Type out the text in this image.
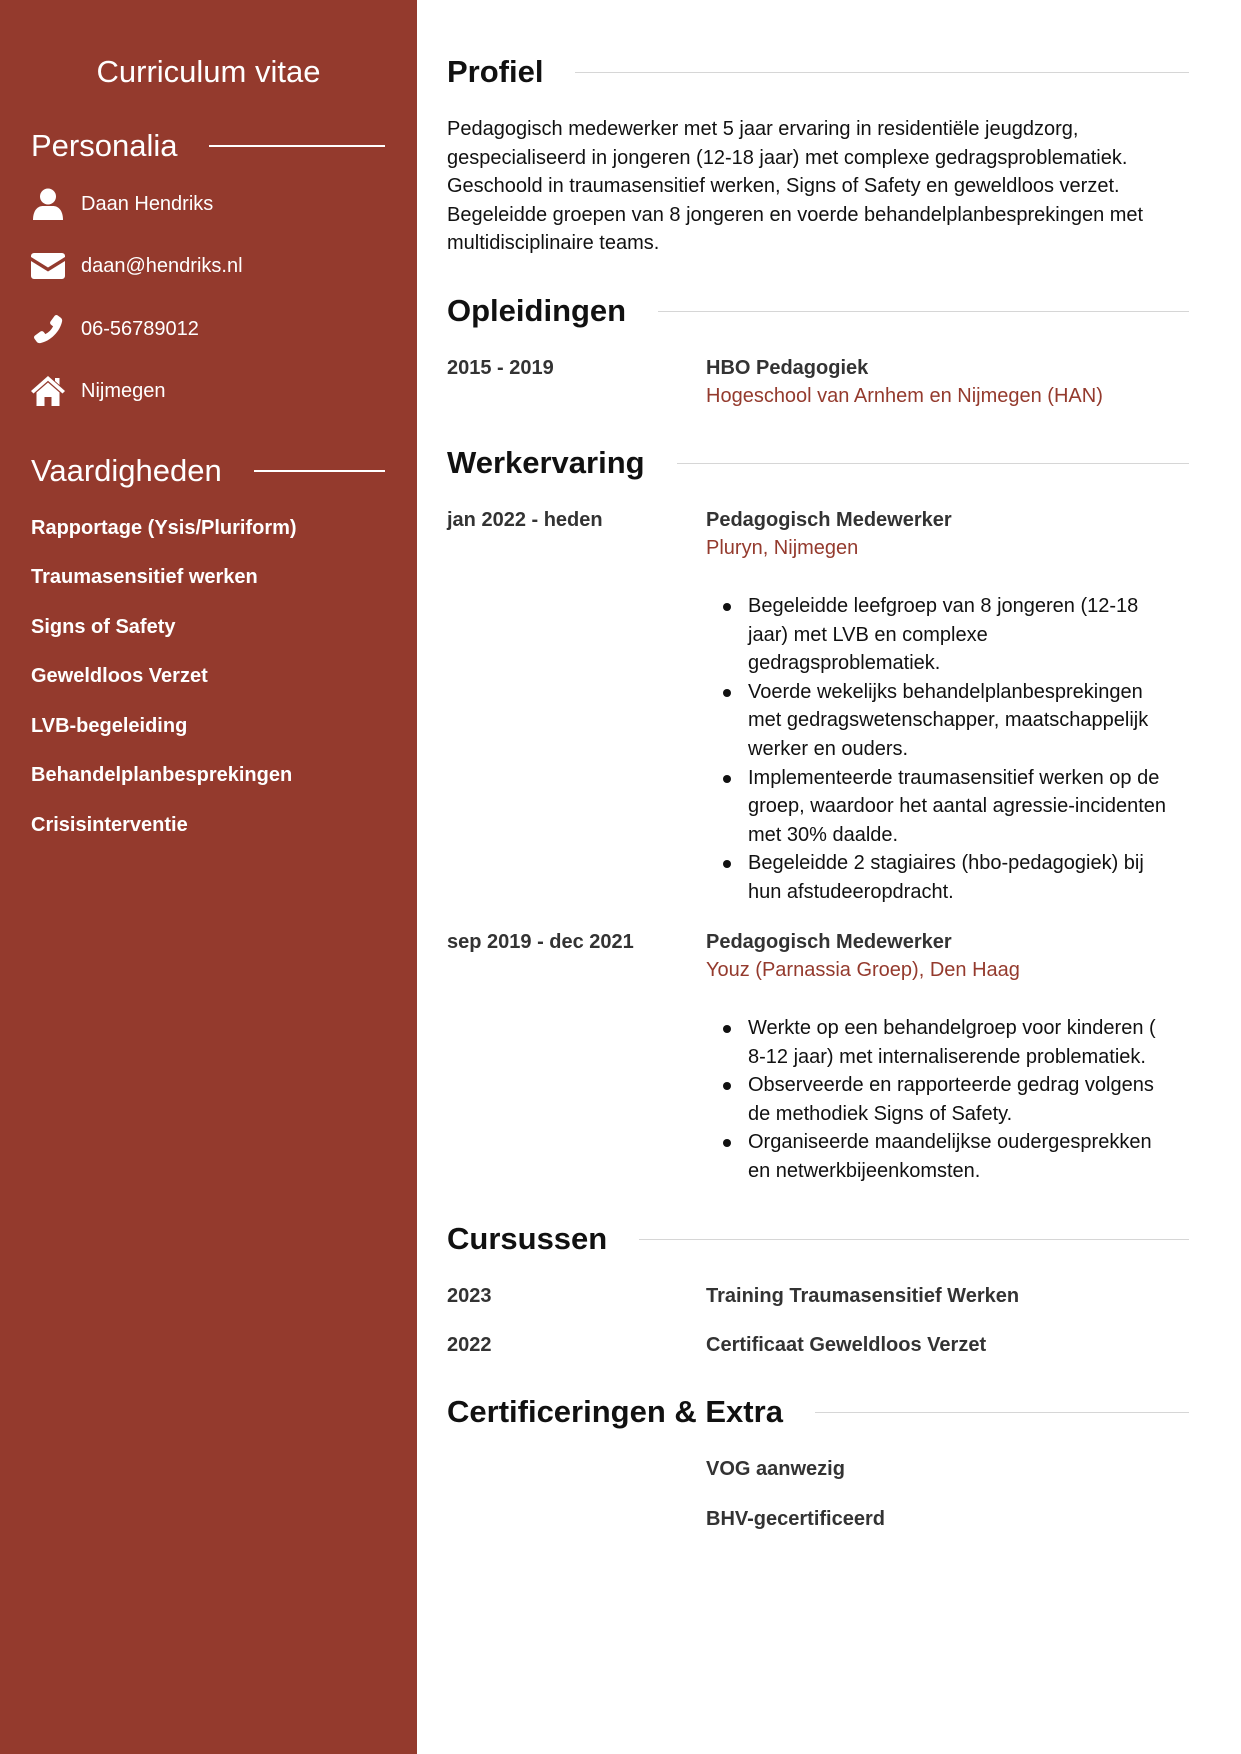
Curriculum vitae
Personalia
Daan Hendriks
daan@hendriks.nl
06-56789012
Nijmegen
Vaardigheden
Rapportage (Ysis/Pluriform)
Traumasensitief werken
Signs of Safety
Geweldloos Verzet
LVB-begeleiding
Behandelplanbesprekingen
Crisisinterventie
Profiel
Pedagogisch medewerker met 5 jaar ervaring in residentiële jeugdzorg,
gespecialiseerd in jongeren (12-18 jaar) met complexe gedragsproblematiek.
Geschoold in traumasensitief werken, Signs of Safety en geweldloos verzet.
Begeleidde groepen van 8 jongeren en voerde behandelplanbesprekingen met
multidisciplinaire teams.
Opleidingen
2015 - 2019	HBO Pedagogiek
Hogeschool van Arnhem en Nijmegen (HAN)
Werkervaring
jan 2022 - heden	Pedagogisch Medewerker
Pluryn, Nijmegen
Begeleidde leefgroep van 8 jongeren (12-18
jaar) met LVB en complexe
gedragsproblematiek.
Voerde wekelijks behandelplanbesprekingen
met gedragswetenschapper, maatschappelijk
werker en ouders.
Implementeerde traumasensitief werken op de
groep, waardoor het aantal agressie-incidenten
met 30% daalde.
Begeleidde 2 stagiaires (hbo-pedagogiek) bij
hun afstudeeropdracht.
sep 2019 - dec 2021	Pedagogisch Medewerker
Youz (Parnassia Groep), Den Haag
Werkte op een behandelgroep voor kinderen (
8-12 jaar) met internaliserende problematiek.
Observeerde en rapporteerde gedrag volgens
de methodiek Signs of Safety.
Organiseerde maandelijkse oudergesprekken
en netwerkbijeenkomsten.
Cursussen
2023	Training Traumasensitief Werken
2022	Certificaat Geweldloos Verzet
Certificeringen & Extra
VOG aanwezig
BHV-gecertificeerd
